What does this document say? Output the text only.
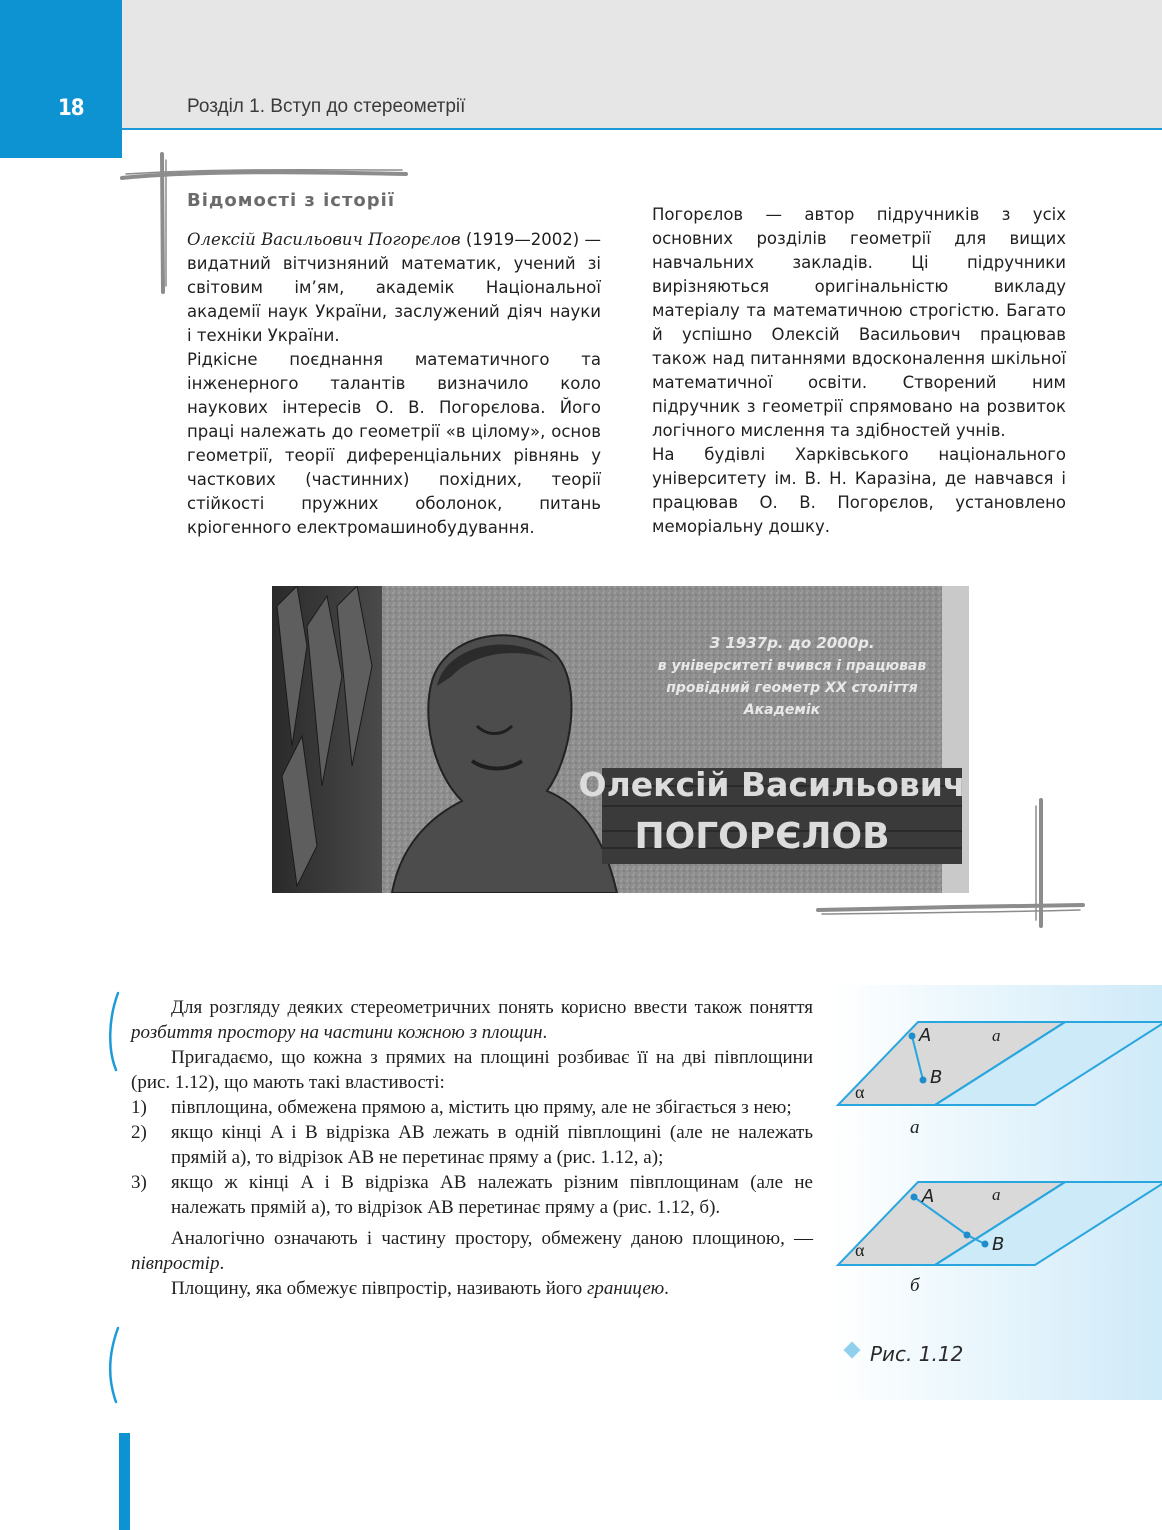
18	Розділ 1. Вступ до стереометрії
Відомості з історії

Олексій Васильович Погорєлов (1919—2002) — видатний вітчизняний математик, учений зі світовим ім’ям, академік Національної академії наук України, заслужений діяч науки і техніки України.

Рідкісне поєднання математичного та інженерного талантів визначило коло наукових інтересів О. В. Погорєлова. Його праці належать до геометрії «в цілому», основ геометрії, теорії диференціальних рівнянь у часткових (частинних) похідних, теорії стійкості пружних оболонок, питань кріогенного електромашинобудування.

Погорєлов — автор підручників з усіх основних розділів геометрії для вищих навчальних закладів. Ці підручники вирізняються оригінальністю викладу матеріалу та математичною строгістю. Багато й успішно Олексій Васильович працював також над питаннями вдосконалення шкільної математичної освіти. Створений ним підручник з геометрії спрямовано на розвиток логічного мислення та здібностей учнів.

На будівлі Харківського національного університету ім. В. Н. Каразіна, де навчався і працював О. В. Погорєлов, установлено меморіальну дошку.

З 1937р. до 2000р.
в університеті вчився і працював
провідний геометр XX століття
Академік
Олексій Васильович
ПОГОРЄЛОВ

Для розгляду деяких стереометричних понять корисно ввести також поняття розбиття простору на частини кожною з площин.

Пригадаємо, що кожна з прямих на площині розбиває її на дві півплощини (рис. 1.12), що мають такі властивості:

1)	півплощина, обмежена прямою a, містить цю пряму, але не збігається з нею;
2)	якщо кінці A і B відрізка AB лежать в одній півплощині (але не належать прямій a), то відрізок AB не перетинає пряму a (рис. 1.12, а);
3)	якщо ж кінці A і B відрізка AB належать різним півплощинам (але не належать прямій a), то відрізок AB перетинає пряму a (рис. 1.12, б).

Аналогічно означають і частину простору, обмежену даною площиною, — півпростір.

Площину, яка обмежує півпростір, називають його границею.

A
B
a
α
а
A
B
a
α
б
Рис. 1.12
